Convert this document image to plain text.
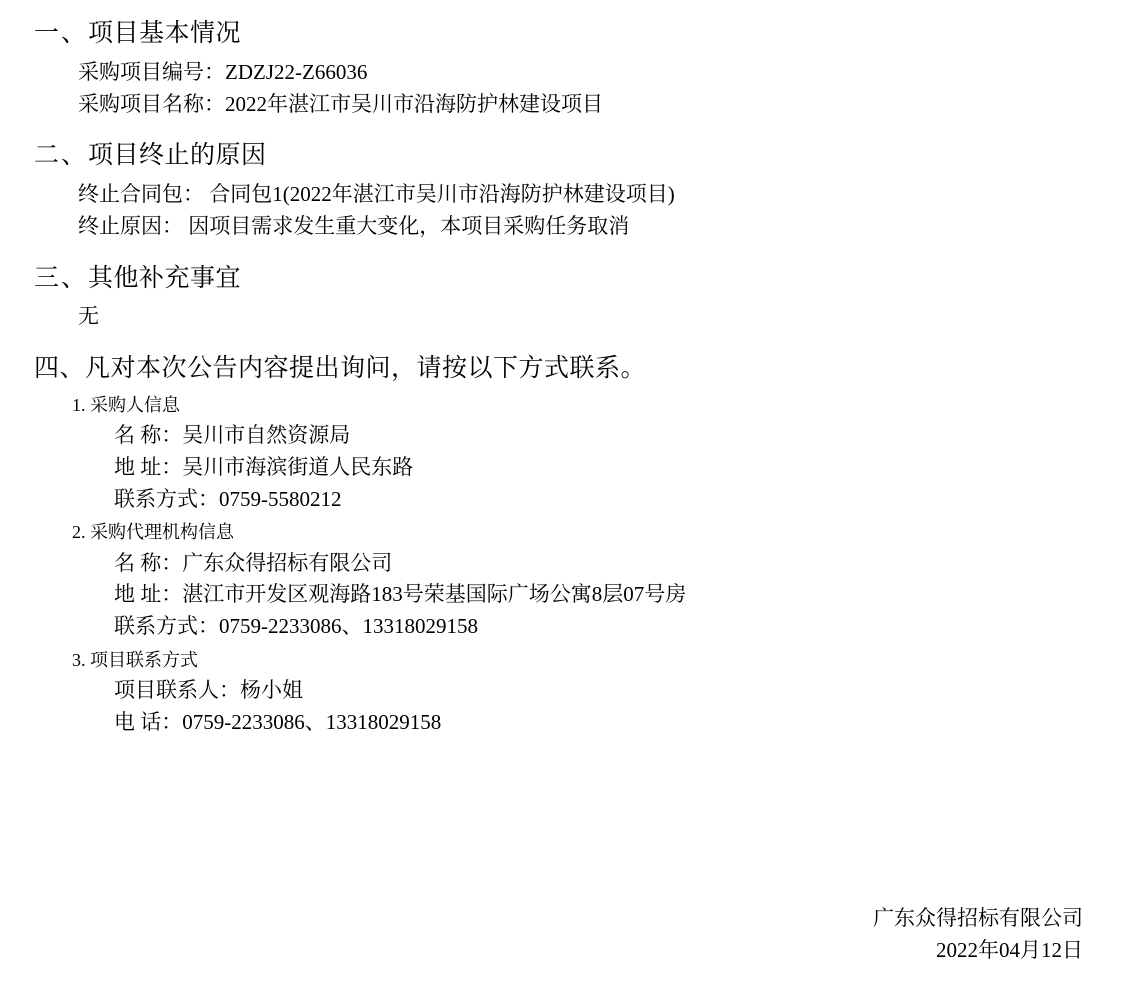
一、项目基本情况
采购项目编号：ZDZJ22-Z66036
采购项目名称：2022年湛江市吴川市沿海防护林建设项目
二、项目终止的原因
终止合同包： 合同包1(2022年湛江市吴川市沿海防护林建设项目)
终止原因： 因项目需求发生重大变化，本项目采购任务取消
三、其他补充事宜
无
四、凡对本次公告内容提出询问，请按以下方式联系。
1. 采购人信息
名 称：吴川市自然资源局
地 址：吴川市海滨街道人民东路
联系方式：0759-5580212
2. 采购代理机构信息
名 称：广东众得招标有限公司
地 址：湛江市开发区观海路183号荣基国际广场公寓8层07号房
联系方式：0759-2233086、13318029158
3. 项目联系方式
项目联系人：杨小姐
电 话：0759-2233086、13318029158
广东众得招标有限公司
2022年04月12日
